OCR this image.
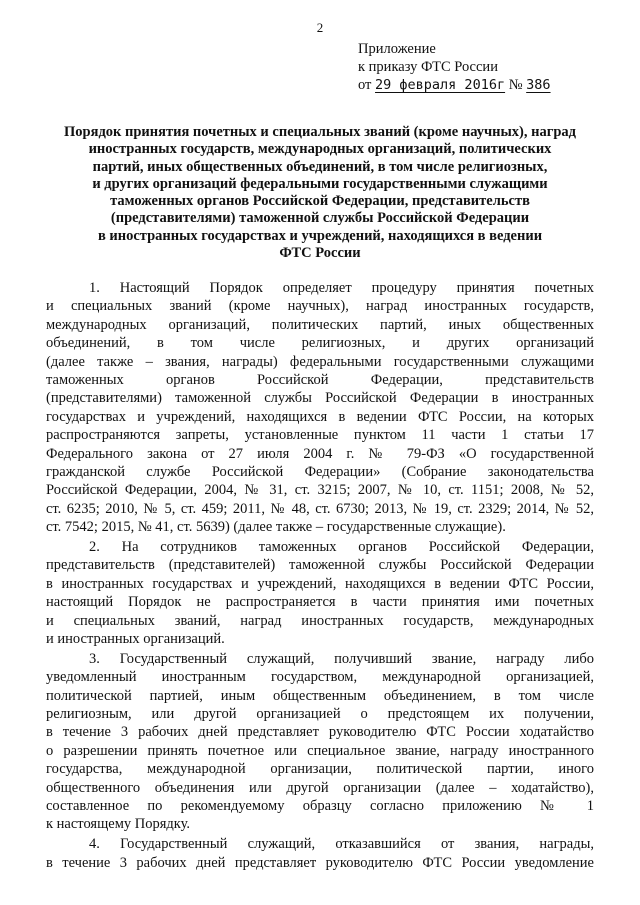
2
Приложение
к приказу ФТС России
от 29 февраля 2016г № 386
Порядок принятия почетных и специальных званий (кроме научных), наград
иностранных государств, международных организаций, политических
партий, иных общественных объединений, в том числе религиозных,
и других организаций федеральными государственными служащими
таможенных органов Российской Федерации, представительств
(представителями) таможенной службы Российской Федерации
в иностранных государствах и учреждений, находящихся в ведении
ФТС России
1. Настоящий Порядок определяет процедуру принятия почетных
и специальных званий (кроме научных), наград иностранных государств,
международных организаций, политических партий, иных общественных
объединений, в том числе религиозных, и других организаций
(далее также – звания, награды) федеральными государственными служащими
таможенных органов Российской Федерации, представительств
(представителями) таможенной службы Российской Федерации в иностранных
государствах и учреждений, находящихся в ведении ФТС России, на которых
распространяются запреты, установленные пунктом 11 части 1 статьи 17
Федерального закона от 27 июля 2004 г. № 79-ФЗ «О государственной
гражданской службе Российской Федерации» (Собрание законодательства
Российской Федерации, 2004, № 31, ст. 3215; 2007, № 10, ст. 1151; 2008, № 52,
ст. 6235; 2010, № 5, ст. 459; 2011, № 48, ст. 6730; 2013, № 19, ст. 2329; 2014, № 52,
ст. 7542; 2015, № 41, ст. 5639) (далее также – государственные служащие).
2. На сотрудников таможенных органов Российской Федерации,
представительств (представителей) таможенной службы Российской Федерации
в иностранных государствах и учреждений, находящихся в ведении ФТС России,
настоящий Порядок не распространяется в части принятия ими почетных
и специальных званий, наград иностранных государств, международных
и иностранных организаций.
3. Государственный служащий, получивший звание, награду либо
уведомленный иностранным государством, международной организацией,
политической партией, иным общественным объединением, в том числе
религиозным, или другой организацией о предстоящем их получении,
в течение 3 рабочих дней представляет руководителю ФТС России ходатайство
о разрешении принять почетное или специальное звание, награду иностранного
государства, международной организации, политической партии, иного
общественного объединения или другой организации (далее – ходатайство),
составленное по рекомендуемому образцу согласно приложению № 1
к настоящему Порядку.
4. Государственный служащий, отказавшийся от звания, награды,
в течение 3 рабочих дней представляет руководителю ФТС России уведомление
